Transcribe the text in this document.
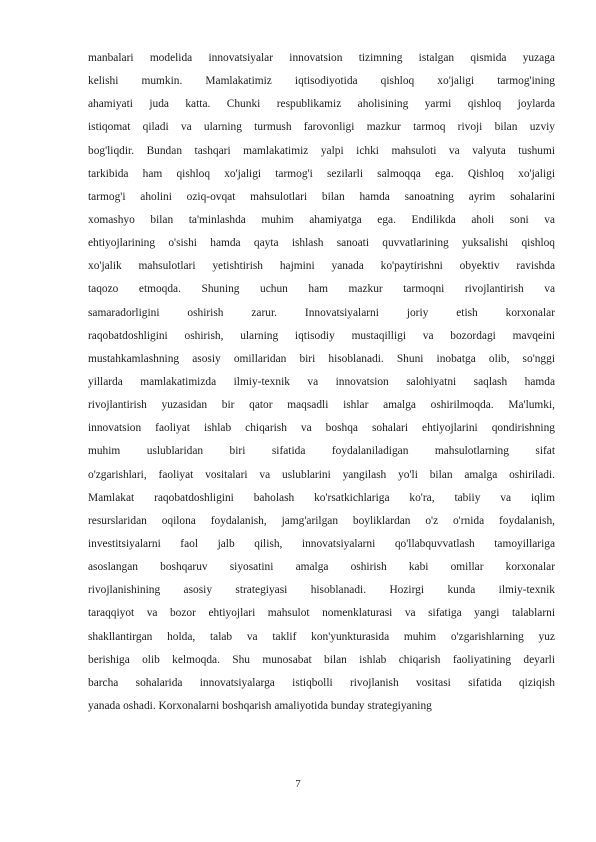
manbalari modelida innovatsiyalar innovatsion tizimning istalgan qismida yuzaga
kelishi mumkin. Mamlakatimiz iqtisodiyotida qishloq xo'jaligi tarmog'ining
ahamiyati juda katta. Chunki respublikamiz aholisining yarmi qishloq joylarda
istiqomat qiladi va ularning turmush farovonligi mazkur tarmoq rivoji bilan uzviy
bog'liqdir. Bundan tashqari mamlakatimiz yalpi ichki mahsuloti va valyuta tushumi
tarkibida ham qishloq xo'jaligi tarmog'i sezilarli salmoqqa ega. Qishloq xo'jaligi
tarmog'i aholini oziq-ovqat mahsulotlari bilan hamda sanoatning ayrim sohalarini
xomashyo bilan ta'minlashda muhim ahamiyatga ega. Endilikda aholi soni va
ehtiyojlarining o'sishi hamda qayta ishlash sanoati quvvatlarining yuksalishi qishloq
xo'jalik mahsulotlari yetishtirish hajmini yanada ko'paytirishni obyektiv ravishda
taqozo etmoqda. Shuning uchun ham mazkur tarmoqni rivojlantirish va
samaradorligini oshirish zarur. Innovatsiyalarni joriy etish korxonalar
raqobatdoshligini oshirish, ularning iqtisodiy mustaqilligi va bozordagi mavqeini
mustahkamlashning asosiy omillaridan biri hisoblanadi. Shuni inobatga olib, so'nggi
yillarda mamlakatimizda ilmiy-texnik va innovatsion salohiyatni saqlash hamda
rivojlantirish yuzasidan bir qator maqsadli ishlar amalga oshirilmoqda. Ma'lumki,
innovatsion faoliyat ishlab chiqarish va boshqa sohalari ehtiyojlarini qondirishning
muhim uslublaridan biri sifatida foydalaniladigan mahsulotlarning sifat
o'zgarishlari, faoliyat vositalari va uslublarini yangilash yo'li bilan amalga oshiriladi.
Mamlakat raqobatdoshligini baholash ko'rsatkichlariga ko'ra, tabiiy va iqlim
resurslaridan oqilona foydalanish, jamg'arilgan boyliklardan o'z o'rnida foydalanish,
investitsiyalarni faol jalb qilish, innovatsiyalarni qo'llabquvvatlash tamoyillariga
asoslangan boshqaruv siyosatini amalga oshirish kabi omillar korxonalar
rivojlanishining asosiy strategiyasi hisoblanadi. Hozirgi kunda ilmiy-texnik
taraqqiyot va bozor ehtiyojlari mahsulot nomenklaturasi va sifatiga yangi talablarni
shakllantirgan holda, talab va taklif kon'yunkturasida muhim o'zgarishlarning yuz
berishiga olib kelmoqda. Shu munosabat bilan ishlab chiqarish faoliyatining deyarli
barcha sohalarida innovatsiyalarga istiqbolli rivojlanish vositasi sifatida qiziqish
yanada oshadi. Korxonalarni boshqarish amaliyotida bunday strategiyaning
7
